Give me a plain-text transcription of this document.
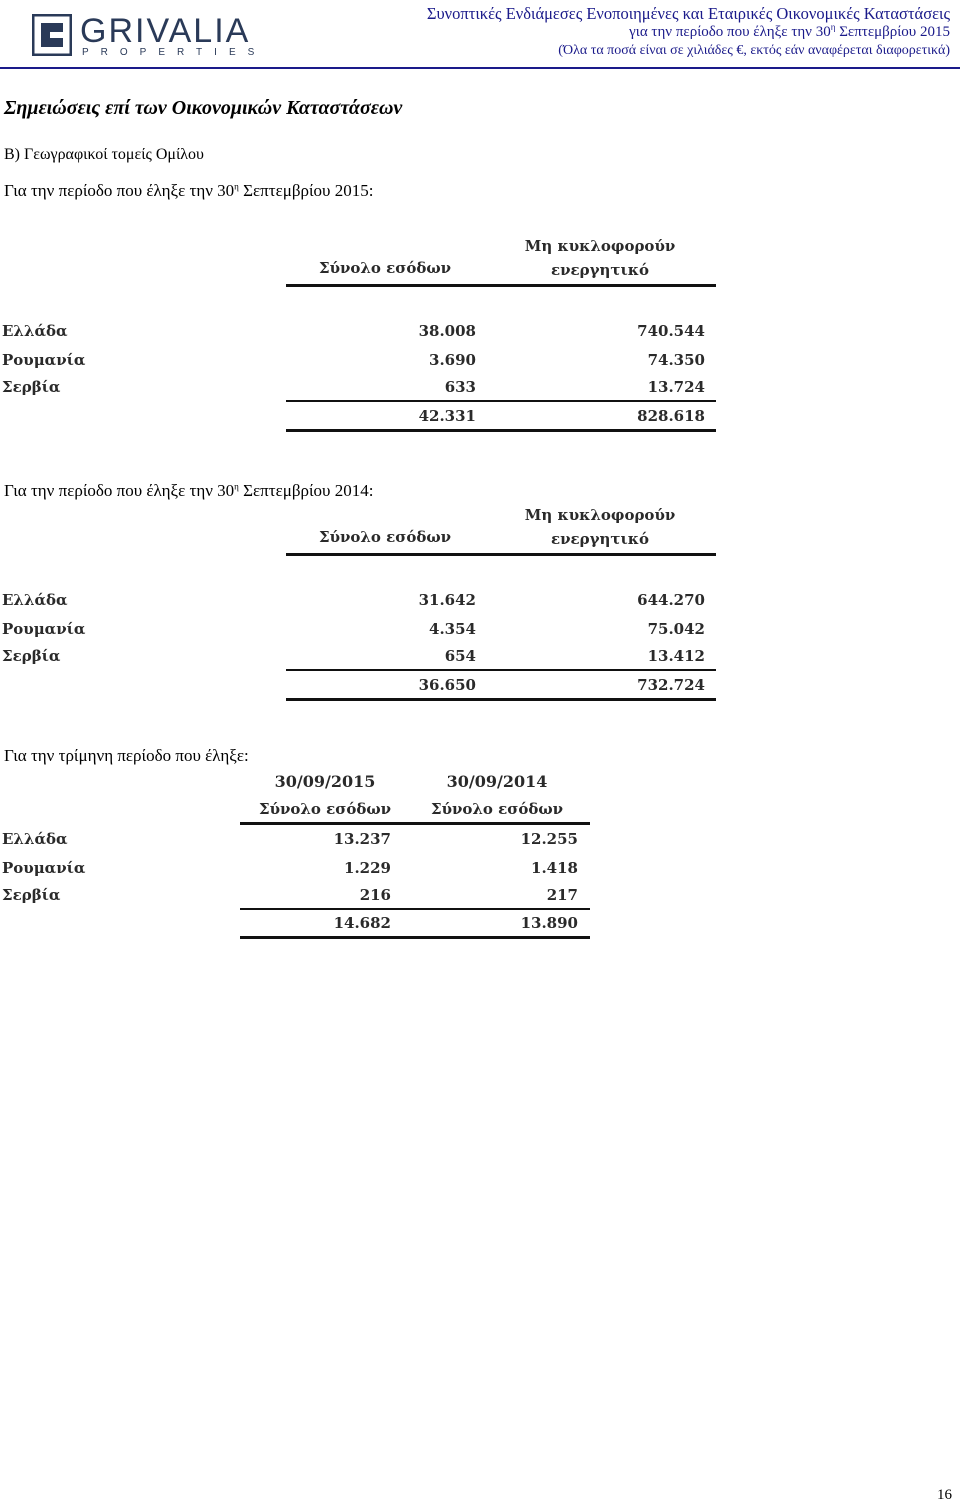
GRIVALIA
PROPERTIES
Συνοπτικές Ενδιάμεσες Ενοποιημένες και Εταιρικές Οικονομικές Καταστάσεις
για την περίοδο που έληξε την $30^\eta$ Σεπτεμβρίου 2015
(Όλα τα ποσά είναι σε χιλιάδες €, εκτός εάν αναφέρεται διαφορετικά)
Σημειώσεις επί των Οικονομικών Καταστάσεων
Β) Γεωγραφικοί τομείς Ομίλου
Για την περίοδο που έληξε την $30^\eta$ Σεπτεμβρίου 2015:
Σύνολο εσόδων
Μη κυκλοφορούν
ενεργητικό
Ελλάδα	38.008	740.544
Ρουμανία	3.690	74.350
Σερβία	633	13.724
42.331	828.618
Για την περίοδο που έληξε την $30^\eta$ Σεπτεμβρίου 2014:
Σύνολο εσόδων
Μη κυκλοφορούν
ενεργητικό
Ελλάδα	31.642	644.270
Ρουμανία	4.354	75.042
Σερβία	654	13.412
36.650	732.724
Για την τρίμηνη περίοδο που έληξε:
30/09/2015	30/09/2014
Σύνολο εσόδων	Σύνολο εσόδων
Ελλάδα	13.237	12.255
Ρουμανία	1.229	1.418
Σερβία	216	217
14.682	13.890
16
